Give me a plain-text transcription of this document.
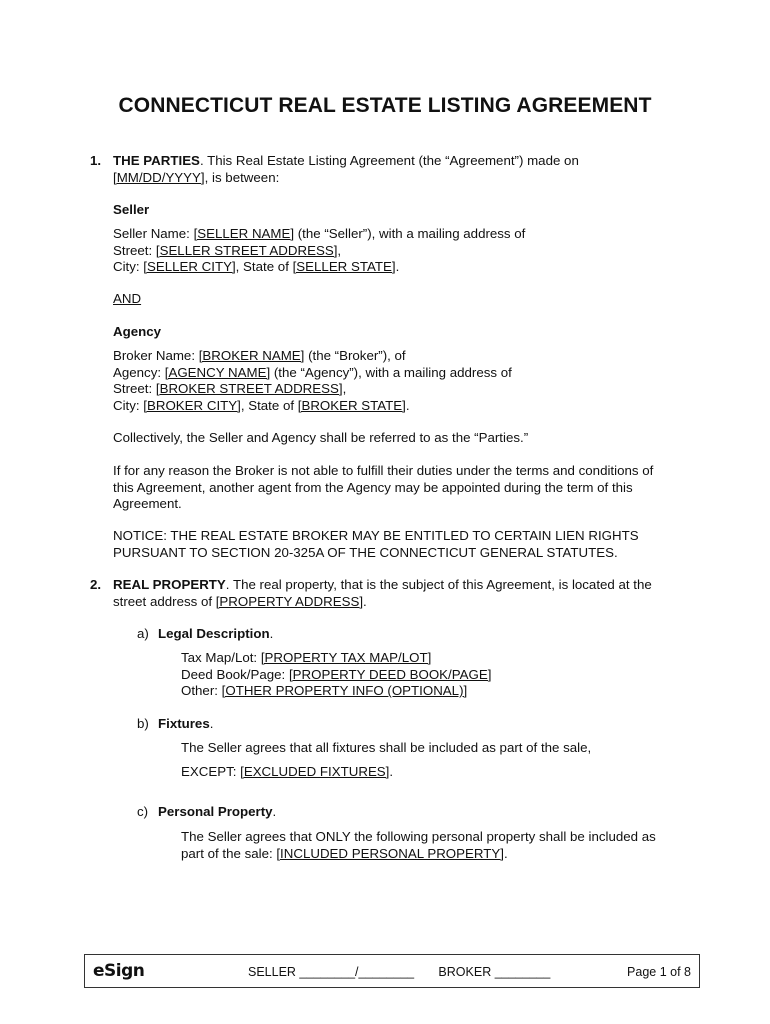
CONNECTICUT REAL ESTATE LISTING AGREEMENT
1. THE PARTIES. This Real Estate Listing Agreement (the “Agreement”) made on
[MM/DD/YYYY], is between:
Seller
Seller Name: [SELLER NAME] (the “Seller”), with a mailing address of
Street: [SELLER STREET ADDRESS],
City: [SELLER CITY], State of [SELLER STATE].
AND
Agency
Broker Name: [BROKER NAME] (the “Broker”), of
Agency: [AGENCY NAME] (the “Agency”), with a mailing address of
Street: [BROKER STREET ADDRESS],
City: [BROKER CITY], State of [BROKER STATE].
Collectively, the Seller and Agency shall be referred to as the “Parties.”
If for any reason the Broker is not able to fulfill their duties under the terms and conditions of
this Agreement, another agent from the Agency may be appointed during the term of this
Agreement.
NOTICE: THE REAL ESTATE BROKER MAY BE ENTITLED TO CERTAIN LIEN RIGHTS
PURSUANT TO SECTION 20-325A OF THE CONNECTICUT GENERAL STATUTES.
2. REAL PROPERTY. The real property, that is the subject of this Agreement, is located at the
street address of [PROPERTY ADDRESS].
a) Legal Description.
Tax Map/Lot: [PROPERTY TAX MAP/LOT]
Deed Book/Page: [PROPERTY DEED BOOK/PAGE]
Other: [OTHER PROPERTY INFO (OPTIONAL)]
b) Fixtures.
The Seller agrees that all fixtures shall be included as part of the sale,
EXCEPT: [EXCLUDED FIXTURES].
c) Personal Property.
The Seller agrees that ONLY the following personal property shall be included as
part of the sale: [INCLUDED PERSONAL PROPERTY].
eSign	SELLER ________/________       BROKER ________	Page 1 of 8
